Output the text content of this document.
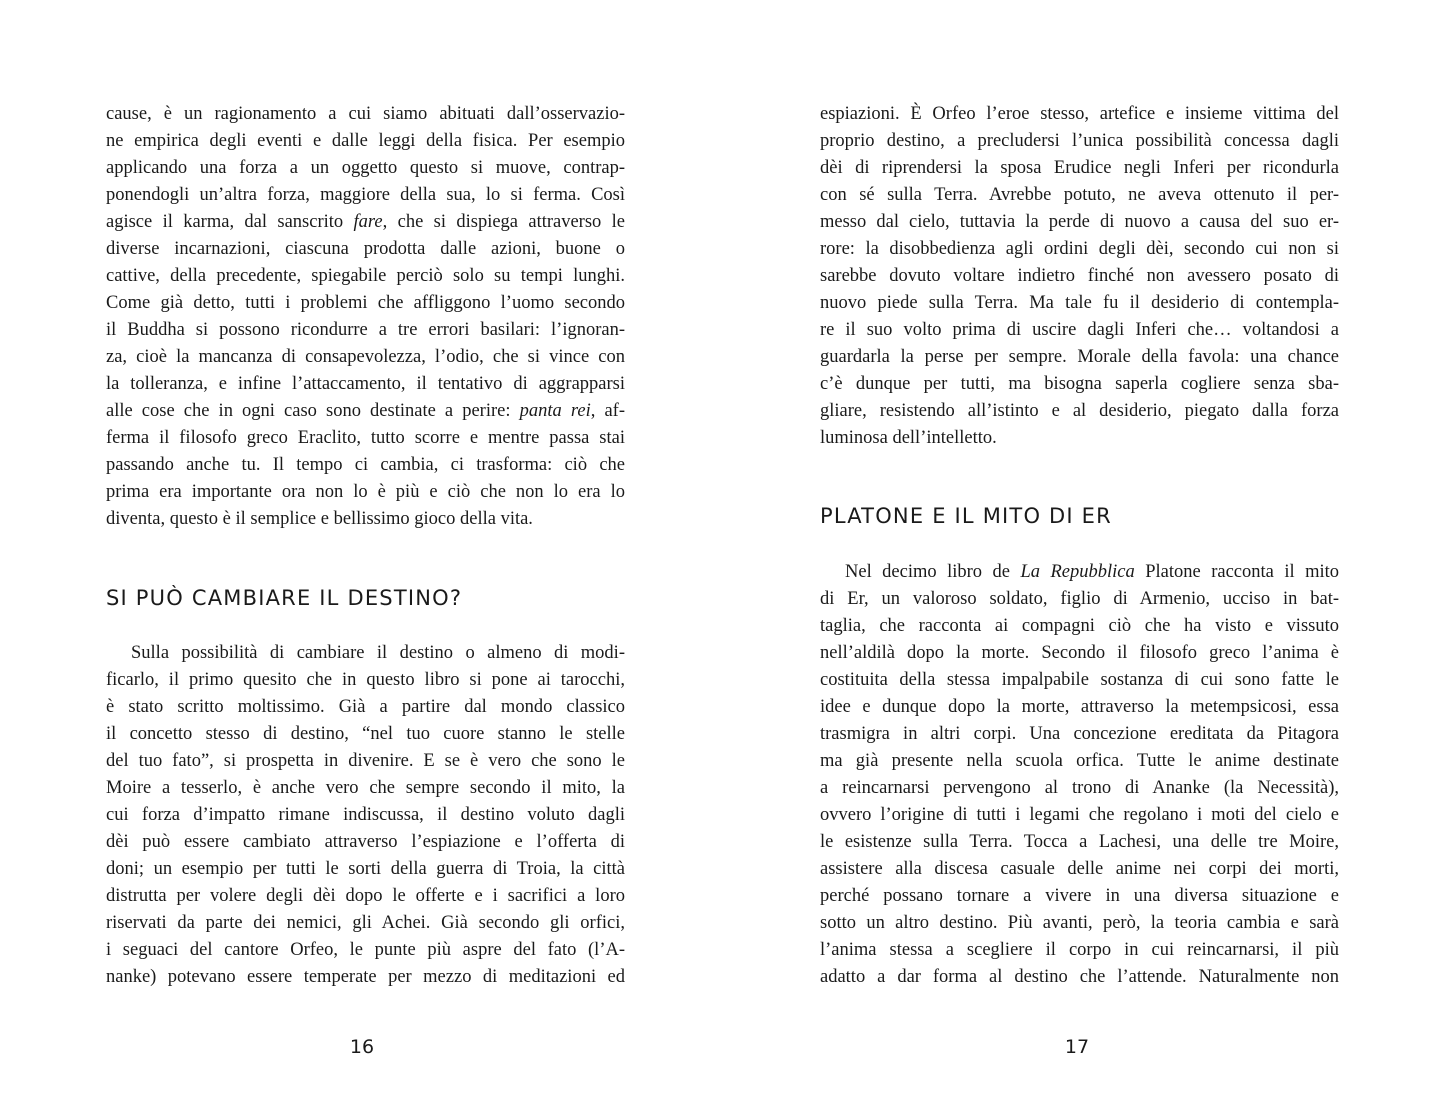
cause, è un ragionamento a cui siamo abituati dall’osservazio-
ne empirica degli eventi e dalle leggi della fisica. Per esempio
applicando una forza a un oggetto questo si muove, contrap-
ponendogli un’altra forza, maggiore della sua, lo si ferma. Così
agisce il karma, dal sanscrito fare, che si dispiega attraverso le
diverse incarnazioni, ciascuna prodotta dalle azioni, buone o
cattive, della precedente, spiegabile perciò solo su tempi lunghi.
Come già detto, tutti i problemi che affliggono l’uomo secondo
il Buddha si possono ricondurre a tre errori basilari: l’ignoran-
za, cioè la mancanza di consapevolezza, l’odio, che si vince con
la tolleranza, e infine l’attaccamento, il tentativo di aggrapparsi
alle cose che in ogni caso sono destinate a perire: panta rei, af-
ferma il filosofo greco Eraclito, tutto scorre e mentre passa stai
passando anche tu. Il tempo ci cambia, ci trasforma: ciò che
prima era importante ora non lo è più e ciò che non lo era lo
diventa, questo è il semplice e bellissimo gioco della vita.
SI PUÒ CAMBIARE IL DESTINO?
Sulla possibilità di cambiare il destino o almeno di modi-
ficarlo, il primo quesito che in questo libro si pone ai tarocchi,
è stato scritto moltissimo. Già a partire dal mondo classico
il concetto stesso di destino, “nel tuo cuore stanno le stelle
del tuo fato”, si prospetta in divenire. E se è vero che sono le
Moire a tesserlo, è anche vero che sempre secondo il mito, la
cui forza d’impatto rimane indiscussa, il destino voluto dagli
dèi può essere cambiato attraverso l’espiazione e l’offerta di
doni; un esempio per tutti le sorti della guerra di Troia, la città
distrutta per volere degli dèi dopo le offerte e i sacrifici a loro
riservati da parte dei nemici, gli Achei. Già secondo gli orfici,
i seguaci del cantore Orfeo, le punte più aspre del fato (l’A-
nanke) potevano essere temperate per mezzo di meditazioni ed
16
espiazioni. È Orfeo l’eroe stesso, artefice e insieme vittima del
proprio destino, a precludersi l’unica possibilità concessa dagli
dèi di riprendersi la sposa Erudice negli Inferi per ricondurla
con sé sulla Terra. Avrebbe potuto, ne aveva ottenuto il per-
messo dal cielo, tuttavia la perde di nuovo a causa del suo er-
rore: la disobbedienza agli ordini degli dèi, secondo cui non si
sarebbe dovuto voltare indietro finché non avessero posato di
nuovo piede sulla Terra. Ma tale fu il desiderio di contempla-
re il suo volto prima di uscire dagli Inferi che… voltandosi a
guardarla la perse per sempre. Morale della favola: una chance
c’è dunque per tutti, ma bisogna saperla cogliere senza sba-
gliare, resistendo all’istinto e al desiderio, piegato dalla forza
luminosa dell’intelletto.
PLATONE E IL MITO DI ER
Nel decimo libro de La Repubblica Platone racconta il mito
di Er, un valoroso soldato, figlio di Armenio, ucciso in bat-
taglia, che racconta ai compagni ciò che ha visto e vissuto
nell’aldilà dopo la morte. Secondo il filosofo greco l’anima è
costituita della stessa impalpabile sostanza di cui sono fatte le
idee e dunque dopo la morte, attraverso la metempsicosi, essa
trasmigra in altri corpi. Una concezione ereditata da Pitagora
ma già presente nella scuola orfica. Tutte le anime destinate
a reincarnarsi pervengono al trono di Ananke (la Necessità),
ovvero l’origine di tutti i legami che regolano i moti del cielo e
le esistenze sulla Terra. Tocca a Lachesi, una delle tre Moire,
assistere alla discesa casuale delle anime nei corpi dei morti,
perché possano tornare a vivere in una diversa situazione e
sotto un altro destino. Più avanti, però, la teoria cambia e sarà
l’anima stessa a scegliere il corpo in cui reincarnarsi, il più
adatto a dar forma al destino che l’attende. Naturalmente non
17
